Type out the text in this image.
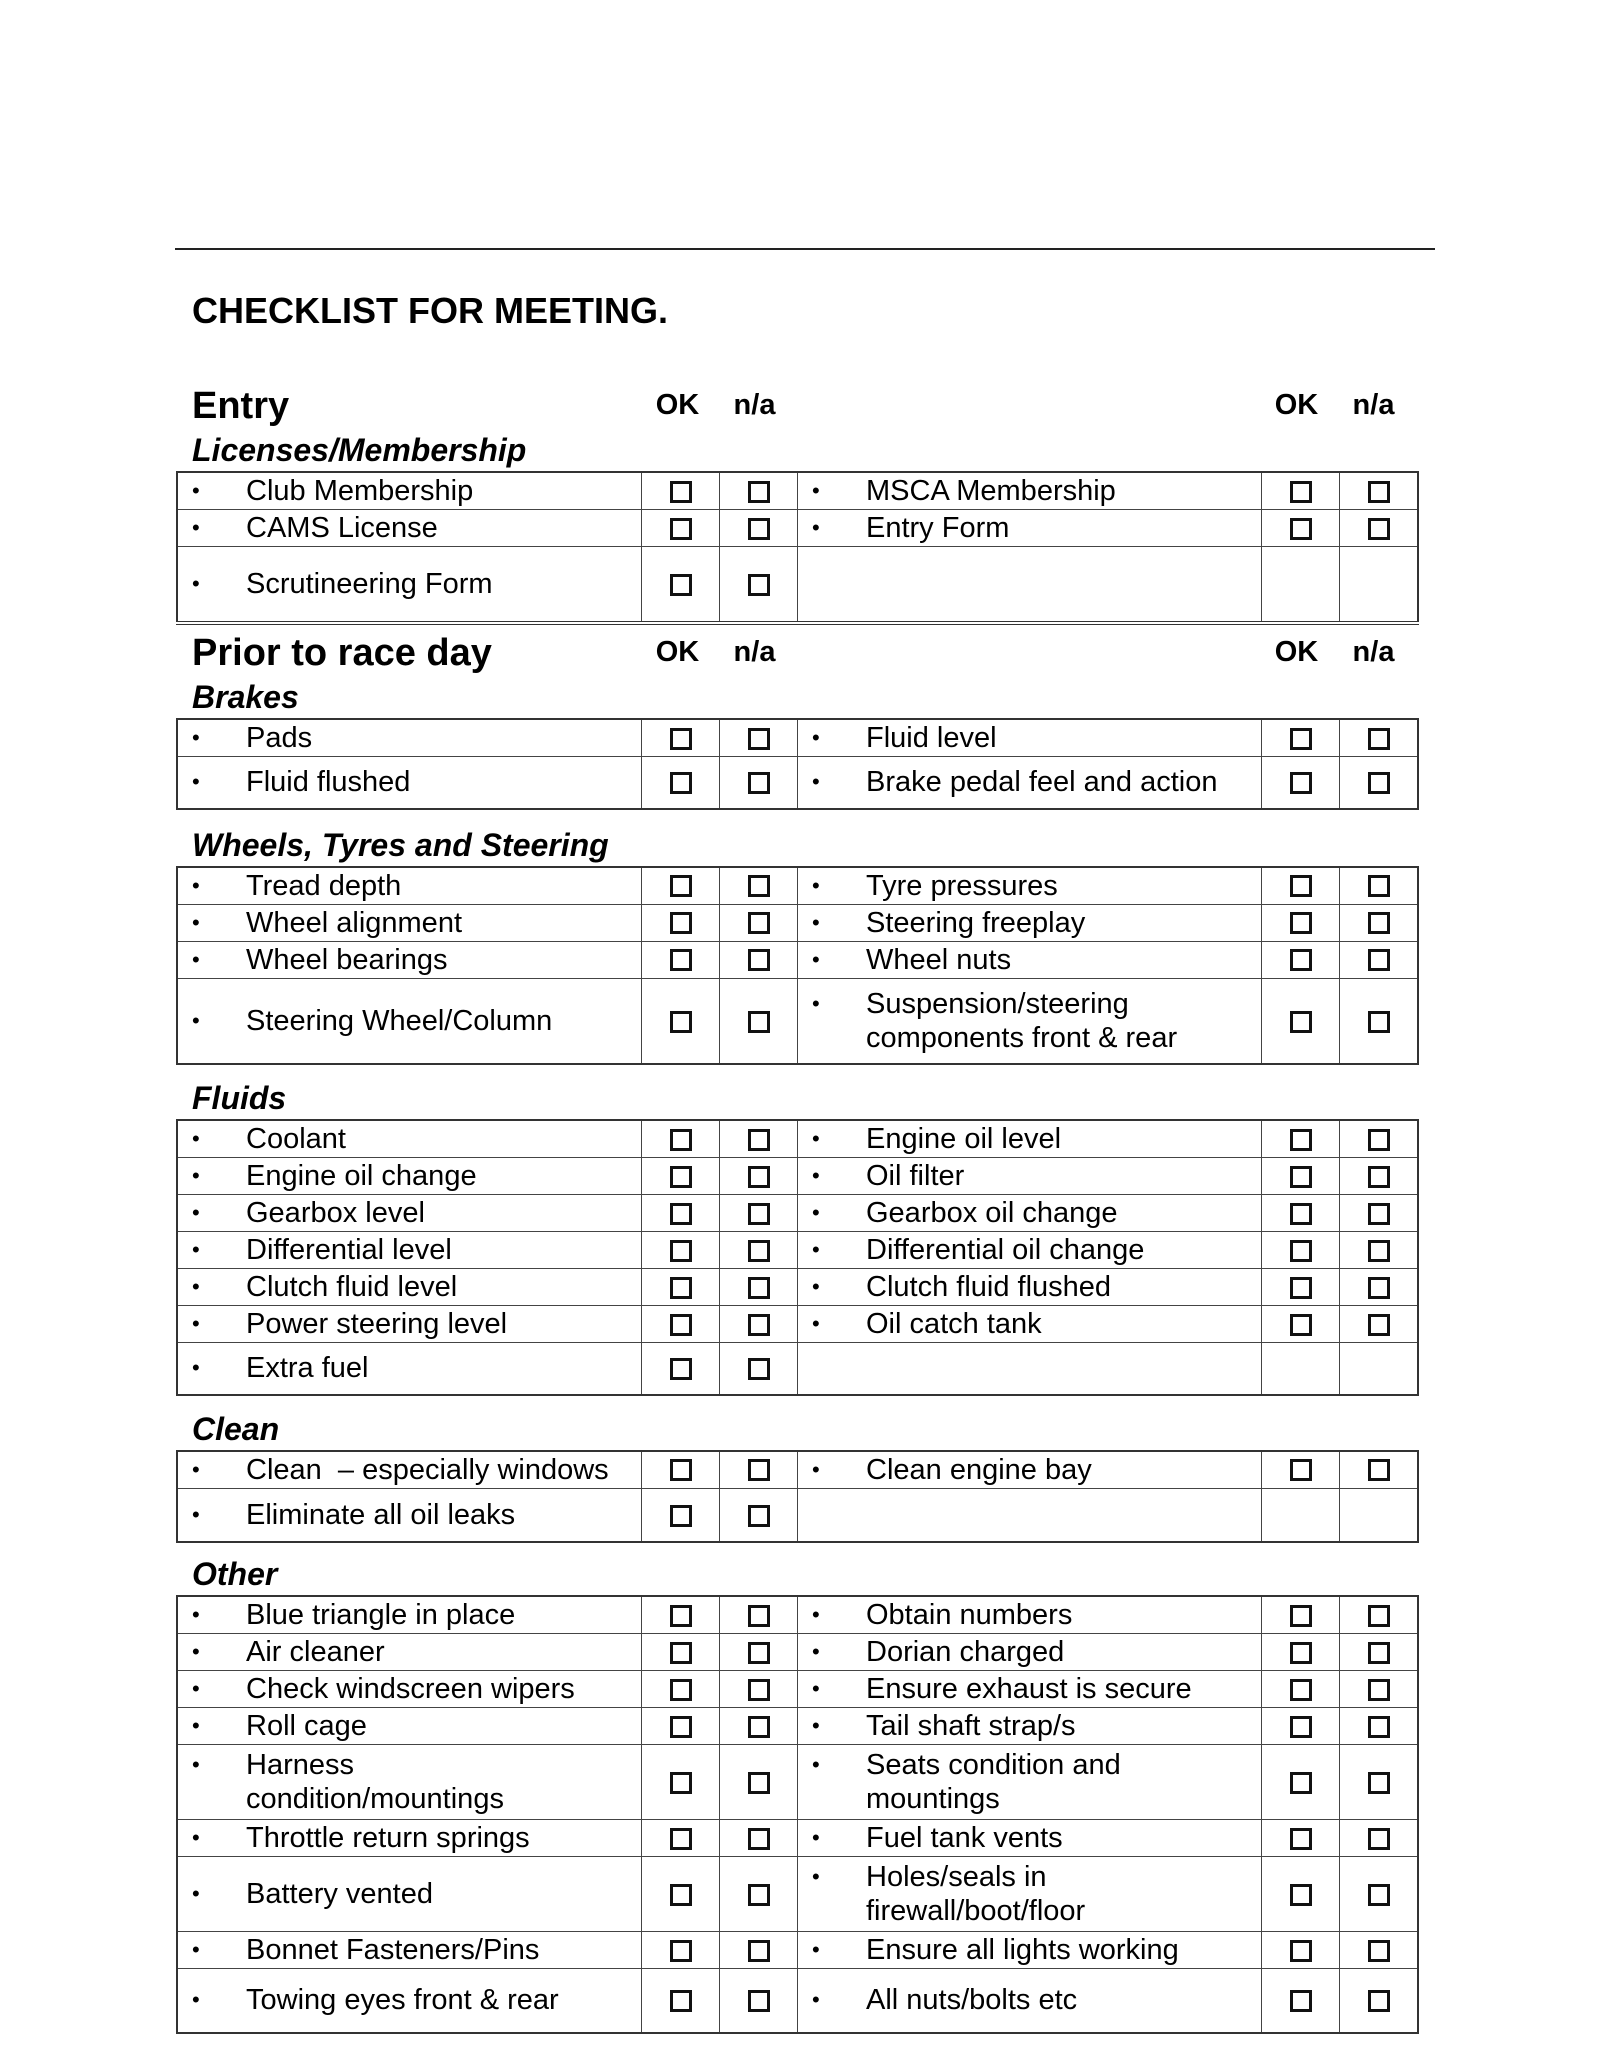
CHECKLIST FOR MEETING.
Entry	OK	n/a	OK	n/a
Licenses/Membership
• Club Membership			• MSCA Membership		

• CAMS License			• Entry Form		

• Scrutineering Form					

Prior to race day	OK	n/a	OK	n/a
Brakes
• Pads			• Fluid level		

• Fluid flushed			• Brake pedal feel and action		

Wheels, Tyres and Steering
• Tread depth			• Tyre pressures		

• Wheel alignment			• Steering freeplay		

• Wheel bearings			• Wheel nuts		

• Steering Wheel/Column			• Suspension/steering components front & rear		

Fluids
• Coolant			• Engine oil level		

• Engine oil change			• Oil filter		

• Gearbox level			• Gearbox oil change		

• Differential level			• Differential oil change		

• Clutch fluid level			• Clutch fluid flushed		

• Power steering level			• Oil catch tank		

• Extra fuel					

Clean
• Clean  – especially windows			• Clean engine bay		

• Eliminate all oil leaks					

Other
• Blue triangle in place			• Obtain numbers		

• Air cleaner			• Dorian charged		

• Check windscreen wipers			• Ensure exhaust is secure		

• Roll cage			• Tail shaft strap/s		

• Harness condition/mountings			• Seats condition and mountings		

• Throttle return springs			• Fuel tank vents		

• Battery vented			• Holes/seals in firewall/boot/floor		

• Bonnet Fasteners/Pins			• Ensure all lights working		

• Towing eyes front & rear			• All nuts/bolts etc		
